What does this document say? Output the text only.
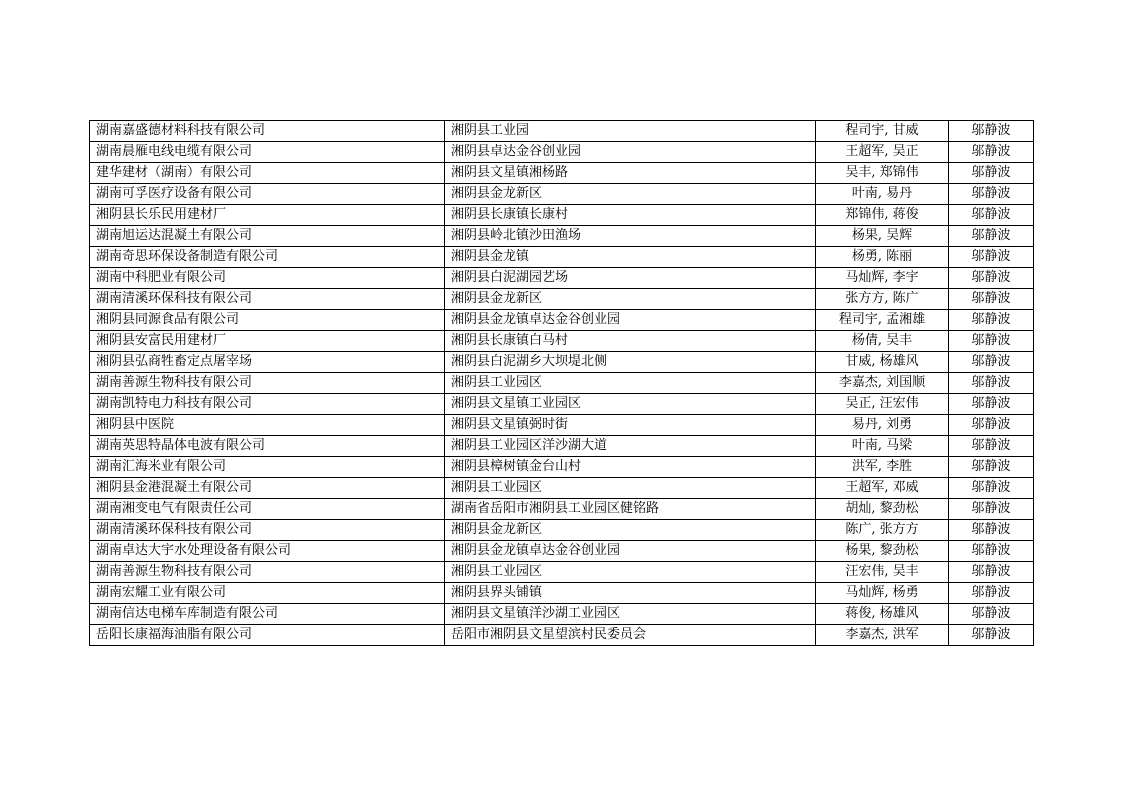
湖南嘉盛德材料科技有限公司	湘阴县工业园	程司宇, 甘威	邬静波
湖南晨雁电线电缆有限公司	湘阴县卓达金谷创业园	王超军, 吴正	邬静波
建华建材（湖南）有限公司	湘阴县文星镇湘杨路	吴丰, 郑锦伟	邬静波
湖南可孚医疗设备有限公司	湘阴县金龙新区	叶南, 易丹	邬静波
湘阴县长乐民用建材厂	湘阴县长康镇长康村	郑锦伟, 蒋俊	邬静波
湖南旭运达混凝土有限公司	湘阴县岭北镇沙田渔场	杨果, 吴辉	邬静波
湖南奇思环保设备制造有限公司	湘阴县金龙镇	杨勇, 陈丽	邬静波
湖南中科肥业有限公司	湘阴县白泥湖园艺场	马灿辉, 李宇	邬静波
湖南清溪环保科技有限公司	湘阴县金龙新区	张方方, 陈广	邬静波
湘阴县同源食品有限公司	湘阴县金龙镇卓达金谷创业园	程司宇, 孟湘雄	邬静波
湘阴县安富民用建材厂	湘阴县长康镇白马村	杨倩, 吴丰	邬静波
湘阴县弘商牲畜定点屠宰场	湘阴县白泥湖乡大坝堤北侧	甘威, 杨雄风	邬静波
湖南善源生物科技有限公司	湘阴县工业园区	李嘉杰, 刘国顺	邬静波
湖南凯特电力科技有限公司	湘阴县文星镇工业园区	吴正, 汪宏伟	邬静波
湘阴县中医院	湘阴县文星镇弼时街	易丹, 刘勇	邬静波
湖南英思特晶体电波有限公司	湘阴县工业园区洋沙湖大道	叶南, 马梁	邬静波
湖南汇海米业有限公司	湘阴县樟树镇金台山村	洪军, 李胜	邬静波
湘阴县金港混凝土有限公司	湘阴县工业园区	王超军, 邓威	邬静波
湖南湘变电气有限责任公司	湖南省岳阳市湘阴县工业园区健铭路	胡灿, 黎劲松	邬静波
湖南清溪环保科技有限公司	湘阴县金龙新区	陈广, 张方方	邬静波
湖南卓达大宇水处理设备有限公司	湘阴县金龙镇卓达金谷创业园	杨果, 黎劲松	邬静波
湖南善源生物科技有限公司	湘阴县工业园区	汪宏伟, 吴丰	邬静波
湖南宏耀工业有限公司	湘阴县界头铺镇	马灿辉, 杨勇	邬静波
湖南信达电梯车库制造有限公司	湘阴县文星镇洋沙湖工业园区	蒋俊, 杨雄风	邬静波
岳阳长康福海油脂有限公司	岳阳市湘阴县文星望滨村民委员会	李嘉杰, 洪军	邬静波
